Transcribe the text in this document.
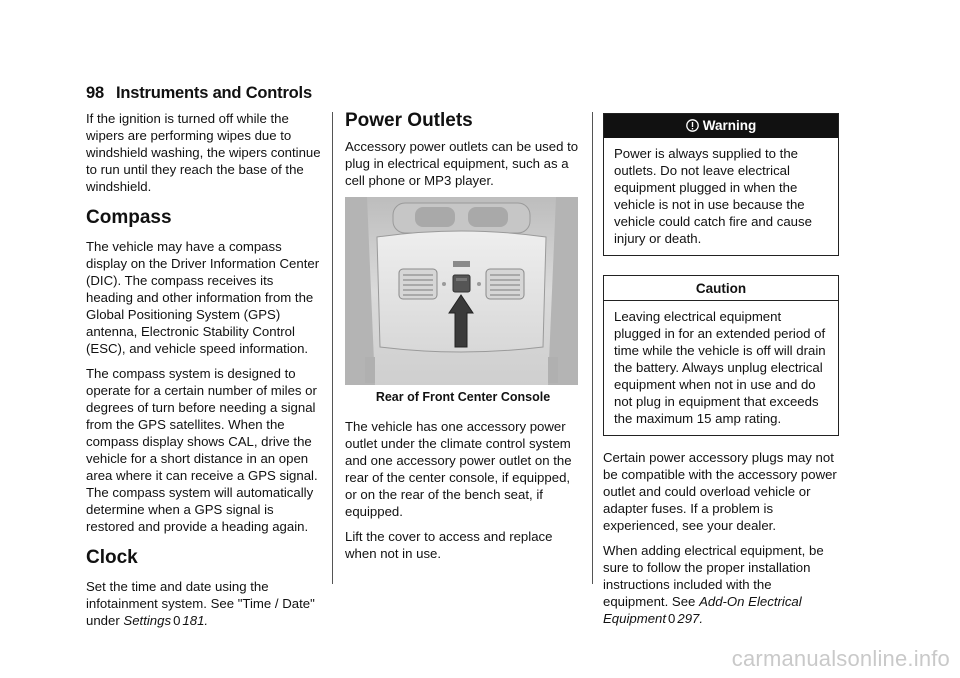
98 Instruments and Controls

If the ignition is turned off while the wipers are performing wipes due to windshield washing, the wipers continue to run until they reach the base of the windshield.

Compass

The vehicle may have a compass display on the Driver Information Center (DIC). The compass receives its heading and other information from the Global Positioning System (GPS) antenna, Electronic Stability Control (ESC), and vehicle speed information.

The compass system is designed to operate for a certain number of miles or degrees of turn before needing a signal from the GPS satellites. When the compass display shows CAL, drive the vehicle for a short distance in an open area where it can receive a GPS signal. The compass system will automatically determine when a GPS signal is restored and provide a heading again.

Clock

Set the time and date using the infotainment system. See "Time / Date" under Settings 0 181.

Power Outlets

Accessory power outlets can be used to plug in electrical equipment, such as a cell phone or MP3 player.

Rear of Front Center Console

The vehicle has one accessory power outlet under the climate control system and one accessory power outlet on the rear of the center console, if equipped, or on the rear of the bench seat, if equipped.

Lift the cover to access and replace when not in use.

Warning
Power is always supplied to the outlets. Do not leave electrical equipment plugged in when the vehicle is not in use because the vehicle could catch fire and cause injury or death.
Caution
Leaving electrical equipment plugged in for an extended period of time while the vehicle is off will drain the battery. Always unplug electrical equipment when not in use and do not plug in equipment that exceeds the maximum 15 amp rating.

Certain power accessory plugs may not be compatible with the accessory power outlet and could overload vehicle or adapter fuses. If a problem is experienced, see your dealer.

When adding electrical equipment, be sure to follow the proper installation instructions included with the equipment. See Add-On Electrical Equipment 0 297.

carmanualsonline.info
